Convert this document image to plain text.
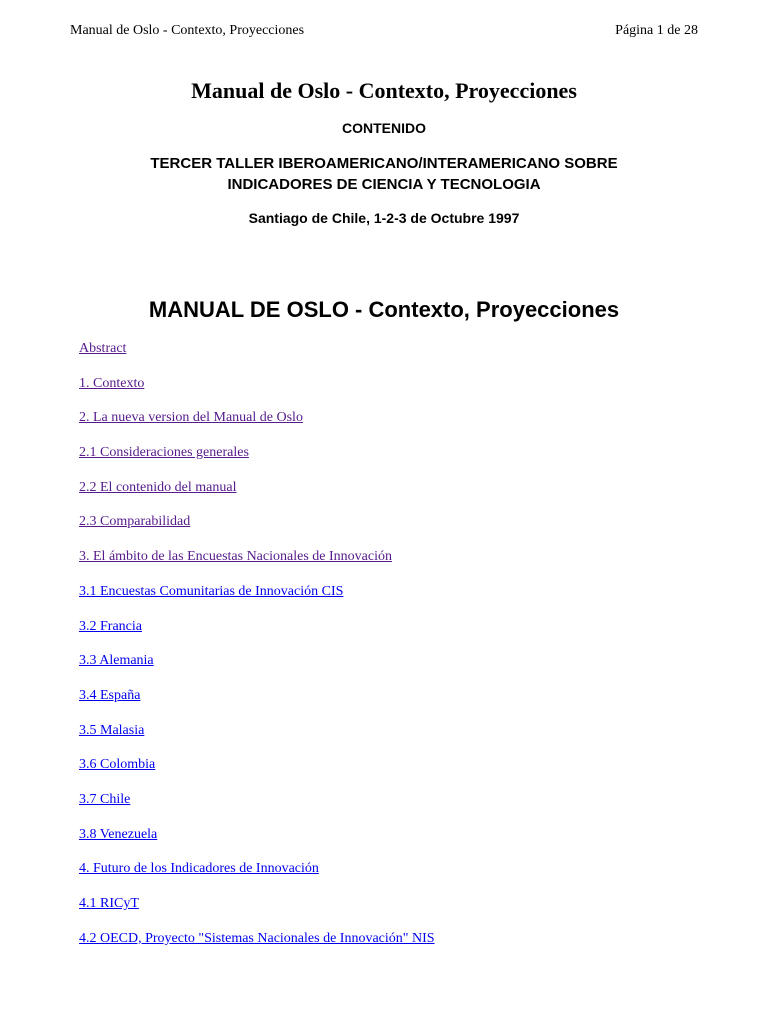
Manual de Oslo - Contexto, Proyecciones	Página 1 de 28
Manual de Oslo - Contexto, Proyecciones
CONTENIDO
TERCER TALLER IBEROAMERICANO/INTERAMERICANO SOBRE
INDICADORES DE CIENCIA Y TECNOLOGIA
Santiago de Chile, 1-2-3 de Octubre 1997
MANUAL DE OSLO - Contexto, Proyecciones
Abstract
1. Contexto
2. La nueva version del Manual de Oslo
2.1 Consideraciones generales
2.2 El contenido del manual
2.3 Comparabilidad
3. El ámbito de las Encuestas Nacionales de Innovación
3.1 Encuestas Comunitarias de Innovación CIS
3.2 Francia
3.3 Alemania
3.4 España
3.5 Malasia
3.6 Colombia
3.7 Chile
3.8 Venezuela
4. Futuro de los Indicadores de Innovación
4.1 RICyT
4.2 OECD, Proyecto "Sistemas Nacionales de Innovación" NIS
